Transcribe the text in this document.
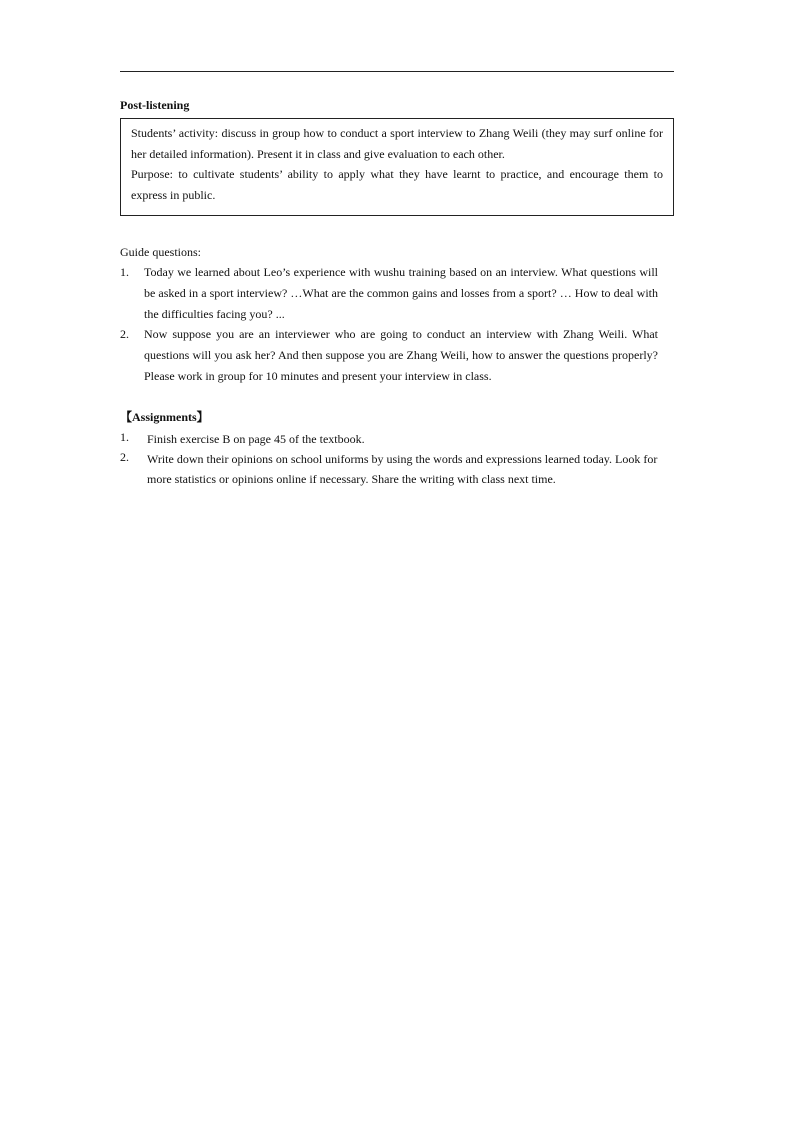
Post-listening

Students’ activity: discuss in group how to conduct a sport interview to Zhang Weili (they may surf online for her detailed information). Present it in class and give evaluation to each other.

Purpose: to cultivate students’ ability to apply what they have learnt to practice, and encourage them to express in public.

Guide questions:
1. Today we learned about Leo’s experience with wushu training based on an interview. What questions will be asked in a sport interview? …What are the common gains and losses from a sport? … How to deal with the difficulties facing you? ...
2. Now suppose you are an interviewer who are going to conduct an interview with Zhang Weili. What questions will you ask her? And then suppose you are Zhang Weili, how to answer the questions properly? Please work in group for 10 minutes and present your interview in class.
【Assignments】
1. Finish exercise B on page 45 of the textbook.
2. Write down their opinions on school uniforms by using the words and expressions learned today. Look for more statistics or opinions online if necessary. Share the writing with class next time.
